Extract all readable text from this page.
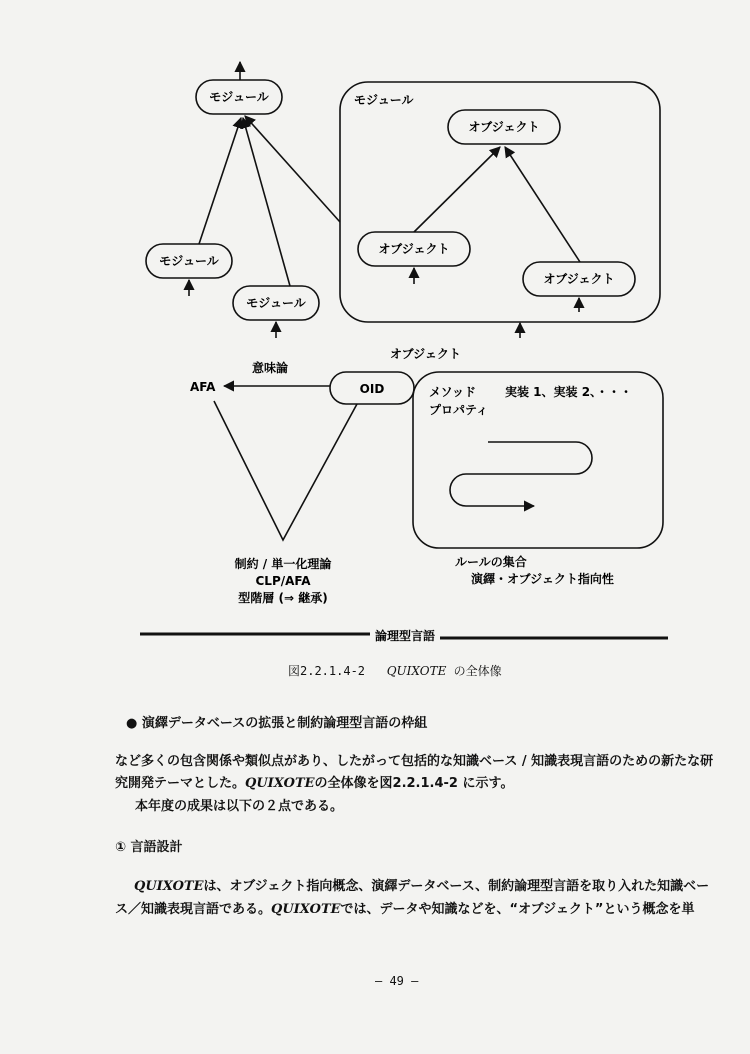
モジュール
モジュール
モジュール
モジュール
オブジェクト
オブジェクト
オブジェクト
オブジェクト
意味論
AFA	OID	メソッド 実装 1、実装 2、・・・
プロパティ
制約 / 単一化理論
CLP/AFA
型階層 (⇒ 継承)
ルールの集合
演繹・オブジェクト指向性
論理型言語
図2.2.1.4-2 QUIXOTE の全体像
● 演繹データベースの拡張と制約論理型言語の枠組
など多くの包含関係や類似点があり、したがって包括的な知識ベース / 知識表現言語のための新たな研
究開発テーマとした。QUIXOTEの全体像を図2.2.1.4-2 に示す。
本年度の成果は以下の２点である。
① 言語設計
QUIXOTEは、オブジェクト指向概念、演繹データベース、制約論理型言語を取り入れた知識ベー
ス／知識表現言語である。QUIXOTEでは、データや知識などを、“オブジェクト”という概念を単
― 49 ―
